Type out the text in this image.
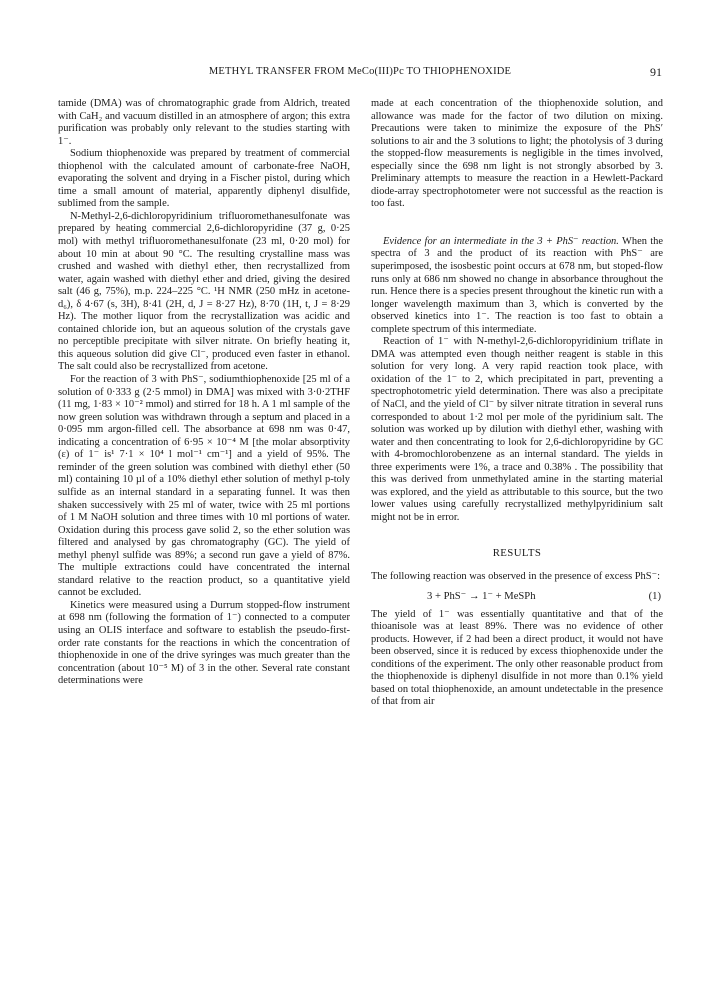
METHYL TRANSFER FROM MeCo(III)Pc TO THIOPHENOXIDE	91

tamide (DMA) was of chromatographic grade from Aldrich, treated with CaH₂ and vacuum distilled in an atmosphere of argon; this extra purification was probably only relevant to the studies starting with 1⁻.

Sodium thiophenoxide was prepared by treatment of commercial thiophenol with the calculated amount of carbonate-free NaOH, evaporating the solvent and drying in a Fischer pistol, during which time a small amount of material, apparently diphenyl disulfide, sublimed from the sample.

N-Methyl-2,6-dichloropyridinium trifluoromethanesulfonate was prepared by heating commercial 2,6-dichloropyridine (37 g, 0·25 mol) with methyl trifluoromethanesulfonate (23 ml, 0·20 mol) for about 10 min at about 90 °C. The resulting crystalline mass was crushed and washed with diethyl ether, then recrystallized from water, again washed with diethyl ether and dried, giving the desired salt (46 g, 75%), m.p. 224–225 °C. ¹H NMR (250 mHz in acetone-d₆), δ 4·67 (s, 3H), 8·41 (2H, d, J = 8·27 Hz), 8·70 (1H, t, J = 8·29 Hz). The mother liquor from the recrystallization was acidic and contained chloride ion, but an aqueous solution of the crystals gave no perceptible precipitate with silver nitrate. On briefly heating it, this aqueous solution did give Cl⁻, produced even faster in ethanol. The salt could also be recrystallized from acetone.

For the reaction of 3 with PhS⁻, sodiumthiophenoxide [25 ml of a solution of 0·333 g (2·5 mmol) in DMA] was mixed with 3·0·2THF (11 mg, 1·83 × 10⁻² mmol) and stirred for 18 h. A 1 ml sample of the now green solution was withdrawn through a septum and placed in a 0·095 mm argon-filled cell. The absorbance at 698 nm was 0·47, indicating a concentration of 6·95 × 10⁻⁴ M [the molar absorptivity (ε) of 1⁻ is¹ 7·1 × 10⁴ l mol⁻¹ cm⁻¹] and a yield of 95%. The reminder of the green solution was combined with diethyl ether (50 ml) containing 10 µl of a 10% diethyl ether solution of methyl p-toly sulfide as an internal standard in a separating funnel. It was then shaken successively with 25 ml of water, twice with 25 ml portions of 1 M NaOH solution and three times with 10 ml portions of water. Oxidation during this process gave solid 2, so the ether solution was filtered and analysed by gas chromatography (GC). The yield of methyl phenyl sulfide was 89%; a second run gave a yield of 87%. The multiple extractions could have concentrated the internal standard relative to the reaction product, so a quantitative yield cannot be excluded.

Kinetics were measured using a Durrum stopped-flow instrument at 698 nm (following the formation of 1⁻) connected to a computer using an OLIS interface and software to establish the pseudo-first-order rate constants for the reactions in which the concentration of thiophenoxide in one of the drive syringes was much greater than the concentration (about 10⁻⁵ M) of 3 in the other. Several rate constant determinations were

made at each concentration of the thiophenoxide solution, and allowance was made for the factor of two dilution on mixing. Precautions were taken to minimize the exposure of the PhS′ solutions to air and the 3 solutions to light; the photolysis of 3 during the stopped-flow measurements is negligible in the times involved, especially since the 698 nm light is not strongly absorbed by 3. Preliminary attempts to measure the reaction in a Hewlett-Packard diode-array spectrophotometer were not successful as the reaction is too fast.

Evidence for an intermediate in the 3 + PhS⁻ reaction. When the spectra of 3 and the product of its reaction with PhS⁻ are superimposed, the isosbestic point occurs at 678 nm, but stoped-flow runs only at 686 nm showed no change in absorbance throughout the run. Hence there is a species present throughout the kinetic run with a longer wavelength maximum than 3, which is converted by the observed kinetics into 1⁻. The reaction is too fast to obtain a complete spectrum of this intermediate.

Reaction of 1⁻ with N-methyl-2,6-dichloropyridinium triflate in DMA was attempted even though neither reagent is stable in this solution for very long. A very rapid reaction took place, with oxidation of the 1⁻ to 2, which precipitated in part, preventing a spectrophotometric yield determination. There was also a precipitate of NaCl, and the yield of Cl⁻ by silver nitrate titration in several runs corresponded to about 1·2 mol per mole of the pyridinium salt. The solution was worked up by dilution with diethyl ether, washing with water and then concentrating to look for 2,6-dichloropyridine by GC with 4-bromochlorobenzene as an internal standard. The yields in three experiments were 1%, a trace and 0.38% . The possibility that this was derived from unmethylated amine in the starting material was explored, and the yield as attributable to this source, but the two lower values using carefully recrystallized methylpyridinium salt might not be in error.

RESULTS

The following reaction was observed in the presence of excess PhS⁻:

3 + PhS⁻ → 1⁻ + MeSPh	(1)

The yield of 1⁻ was essentially quantitative and that of the thioanisole was at least 89%. There was no evidence of other products. However, if 2 had been a direct product, it would not have been observed, since it is reduced by excess thiophenoxide under the conditions of the experiment. The only other reasonable product from the thiophenoxide is diphenyl disulfide in not more than 0.1% yield based on total thiophenoxide, an amount undetectable in the presence of that from air
